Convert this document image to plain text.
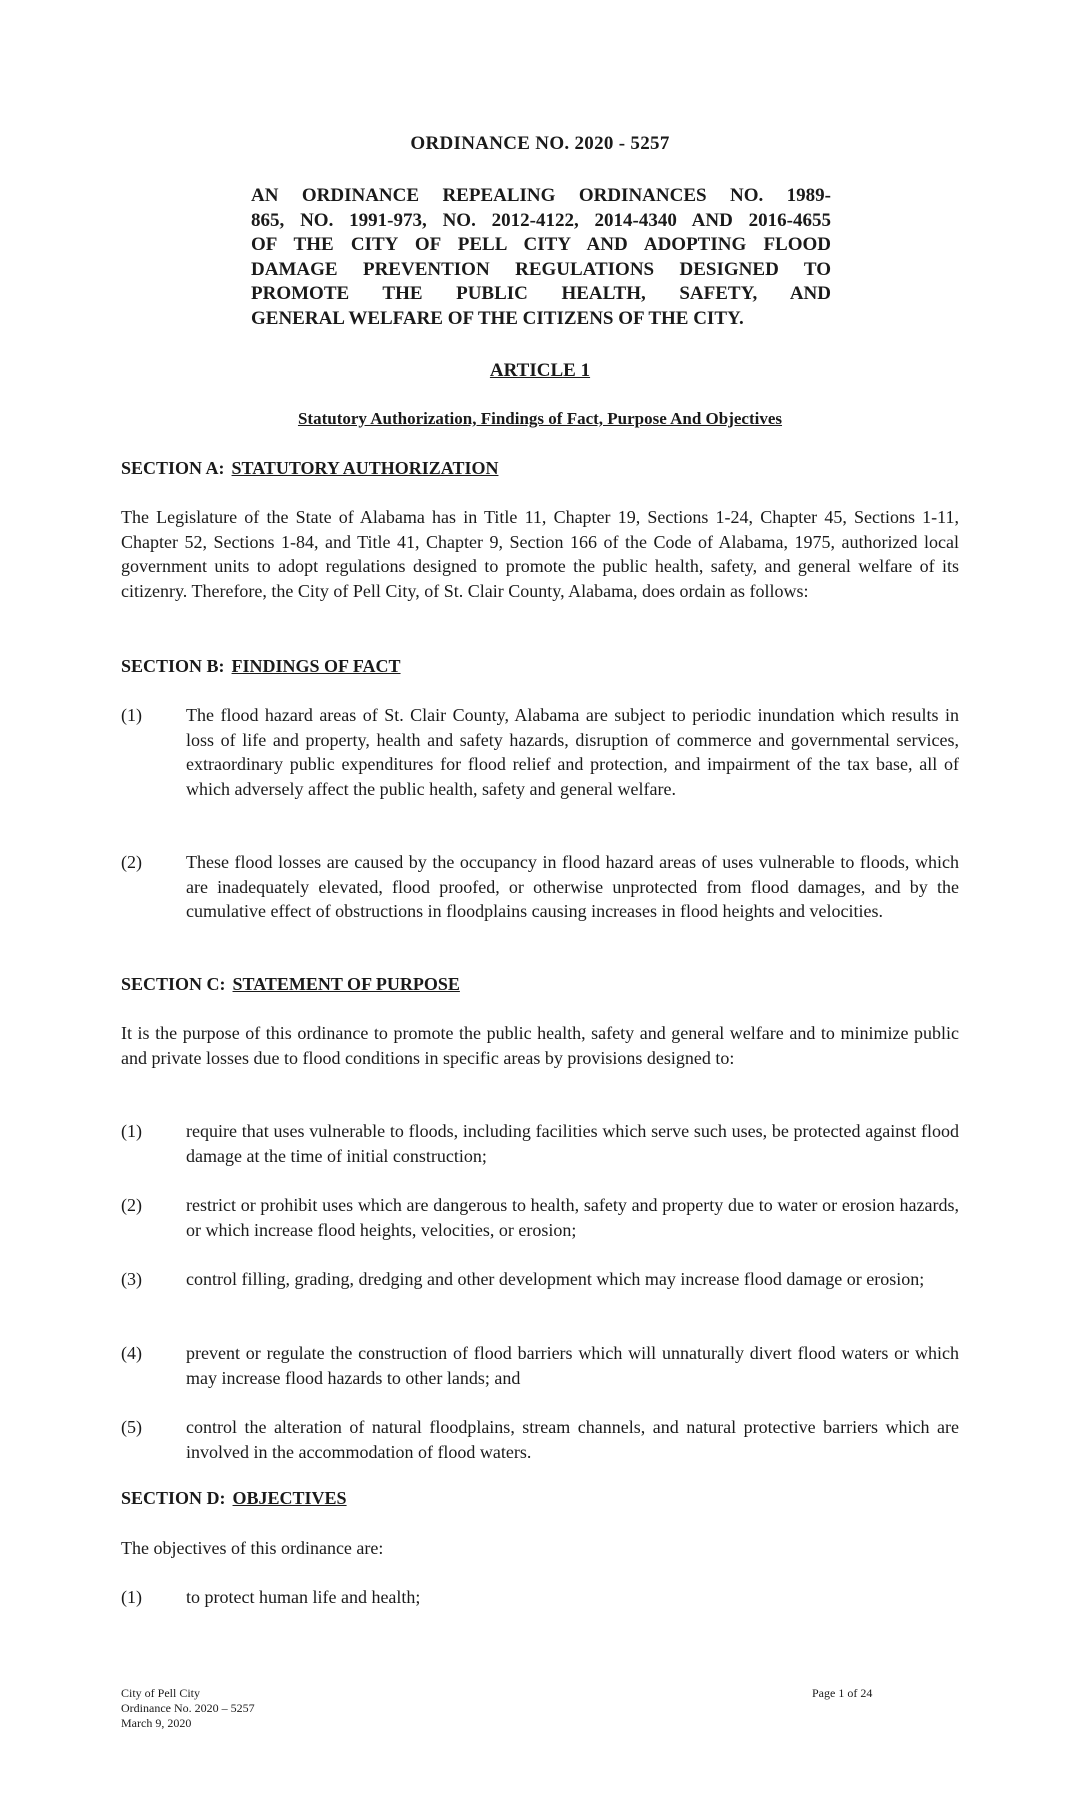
ORDINANCE NO. 2020 - 5257
AN ORDINANCE REPEALING ORDINANCES NO. 1989-
865, NO. 1991-973, NO. 2012-4122, 2014-4340 AND 2016-4655
OF THE CITY OF PELL CITY AND ADOPTING FLOOD
DAMAGE PREVENTION REGULATIONS DESIGNED TO
PROMOTE THE PUBLIC HEALTH, SAFETY, AND
GENERAL WELFARE OF THE CITIZENS OF THE CITY.
ARTICLE 1
Statutory Authorization, Findings of Fact, Purpose And Objectives
SECTION A: STATUTORY AUTHORIZATION

The Legislature of the State of Alabama has in Title 11, Chapter 19, Sections 1-24, Chapter 45, Sections 1-11, Chapter 52, Sections 1-84, and Title 41, Chapter 9, Section 166 of the Code of Alabama, 1975, authorized local government units to adopt regulations designed to promote the public health, safety, and general welfare of its citizenry. Therefore, the City of Pell City, of St. Clair County, Alabama, does ordain as follows:

SECTION B: FINDINGS OF FACT
(1) The flood hazard areas of St. Clair County, Alabama are subject to periodic inundation which results in loss of life and property, health and safety hazards, disruption of commerce and governmental services, extraordinary public expenditures for flood relief and protection, and impairment of the tax base, all of which adversely affect the public health, safety and general welfare.

(2) These flood losses are caused by the occupancy in flood hazard areas of uses vulnerable to floods, which are inadequately elevated, flood proofed, or otherwise unprotected from flood damages, and by the cumulative effect of obstructions in floodplains causing increases in flood heights and velocities.

SECTION C: STATEMENT OF PURPOSE

It is the purpose of this ordinance to promote the public health, safety and general welfare and to minimize public and private losses due to flood conditions in specific areas by provisions designed to:

(1) require that uses vulnerable to floods, including facilities which serve such uses, be protected against flood damage at the time of initial construction;

(2) restrict or prohibit uses which are dangerous to health, safety and property due to water or erosion hazards, or which increase flood heights, velocities, or erosion;

(3) control filling, grading, dredging and other development which may increase flood damage or erosion;

(4) prevent or regulate the construction of flood barriers which will unnaturally divert flood waters or which may increase flood hazards to other lands; and

(5) control the alteration of natural floodplains, stream channels, and natural protective barriers which are involved in the accommodation of flood waters.

SECTION D: OBJECTIVES

The objectives of this ordinance are:

(1) to protect human life and health;

City of Pell City
Ordinance No. 2020 – 5257
March 9, 2020
Page 1 of 24
